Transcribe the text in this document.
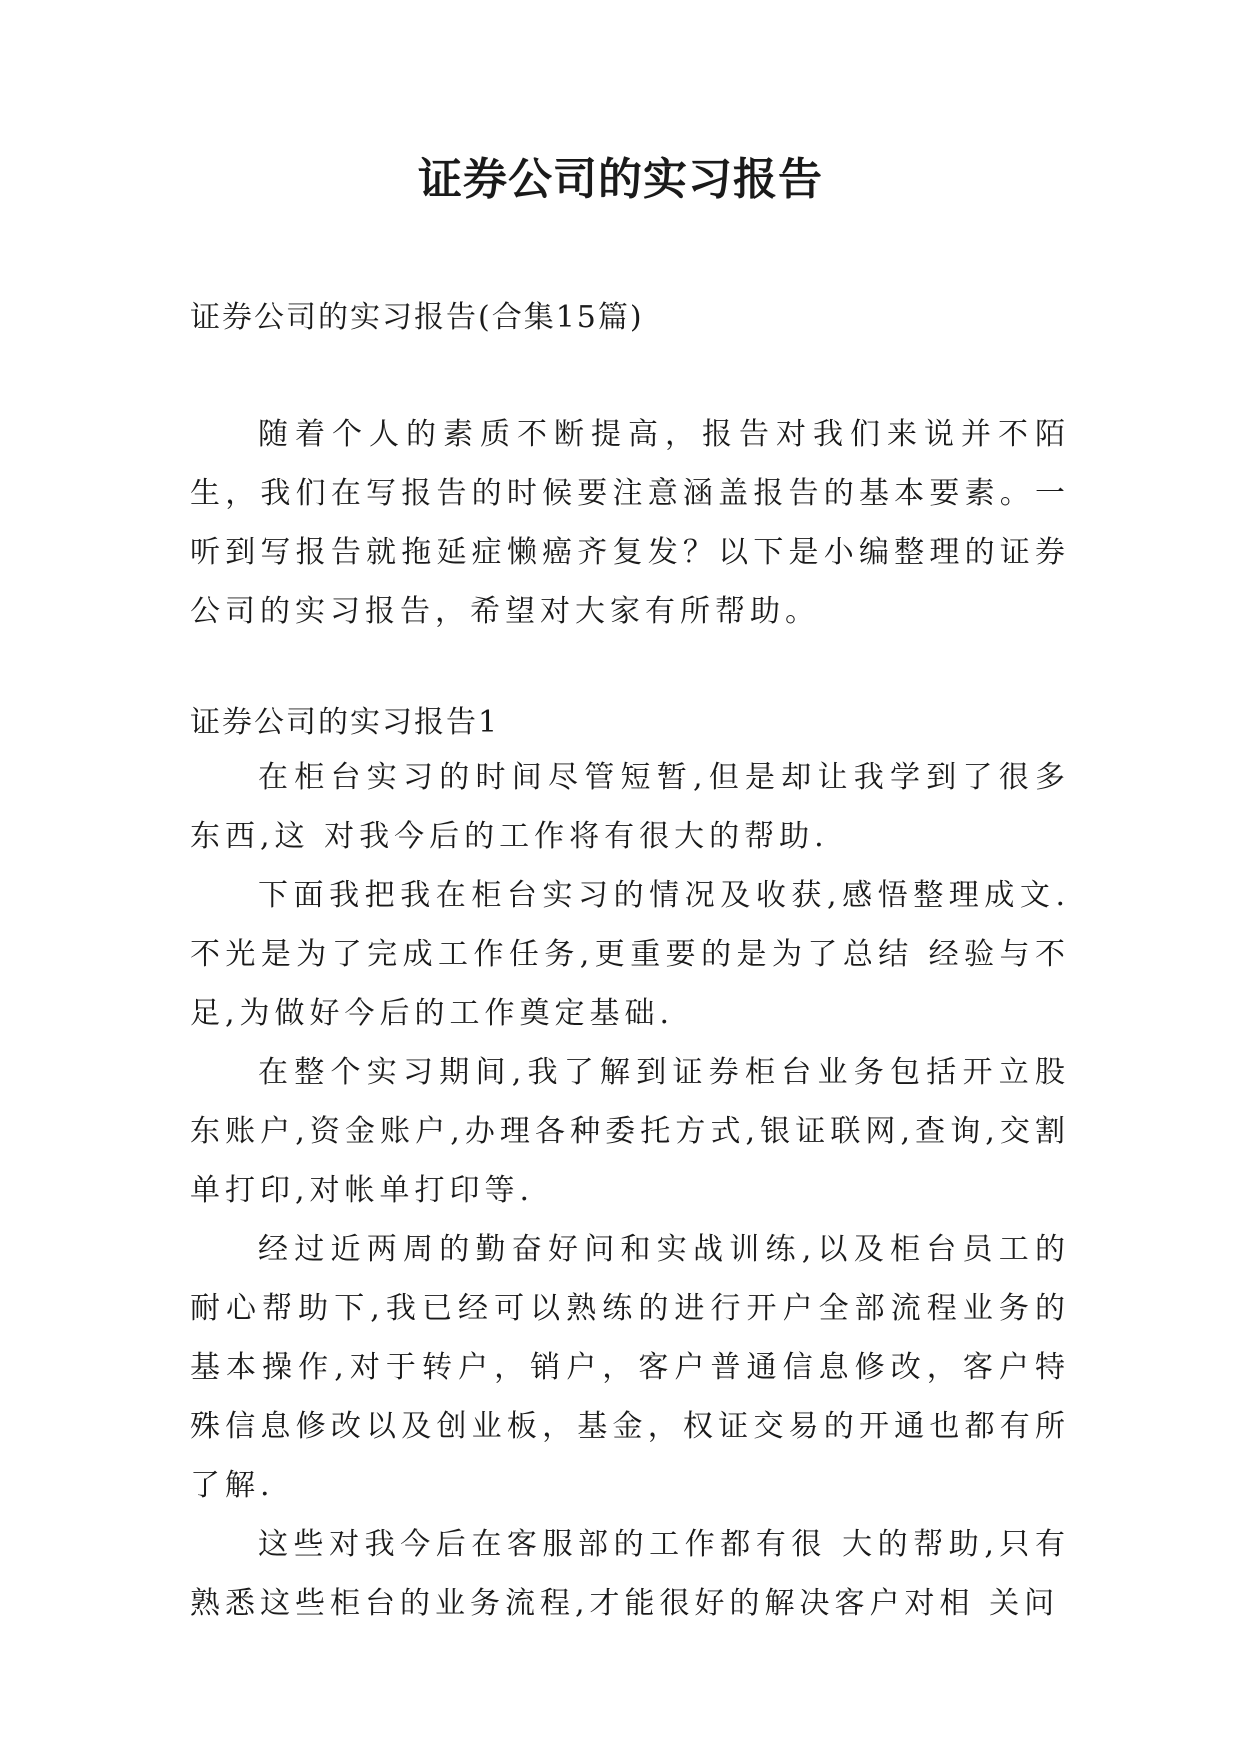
证券公司的实习报告
证券公司的实习报告(合集15篇)

随着个人的素质不断提高，报告对我们来说并不陌生，我们在写报告的时候要注意涵盖报告的基本要素。一听到写报告就拖延症懒癌齐复发？以下是小编整理的证券公司的实习报告，希望对大家有所帮助。

证券公司的实习报告1

在柜台实习的时间尽管短暂,但是却让我学到了很多东西,这 对我今后的工作将有很大的帮助.

下面我把我在柜台实习的情况及收获,感悟整理成文.不光是为了完成工作任务,更重要的是为了总结 经验与不足,为做好今后的工作奠定基础.

在整个实习期间,我了解到证券柜台业务包括开立股东账户,资金账户,办理各种委托方式,银证联网,查询,交割单打印,对帐单打印等.

经过近两周的勤奋好问和实战训练,以及柜台员工的耐心帮助下,我已经可以熟练的进行开户全部流程业务的基本操作,对于转户，销户，客户普通信息修改，客户特殊信息修改以及创业板，基金，权证交易的开通也都有所了解.

这些对我今后在客服部的工作都有很 大的帮助,只有熟悉这些柜台的业务流程,才能很好的解决客户对相 关问
